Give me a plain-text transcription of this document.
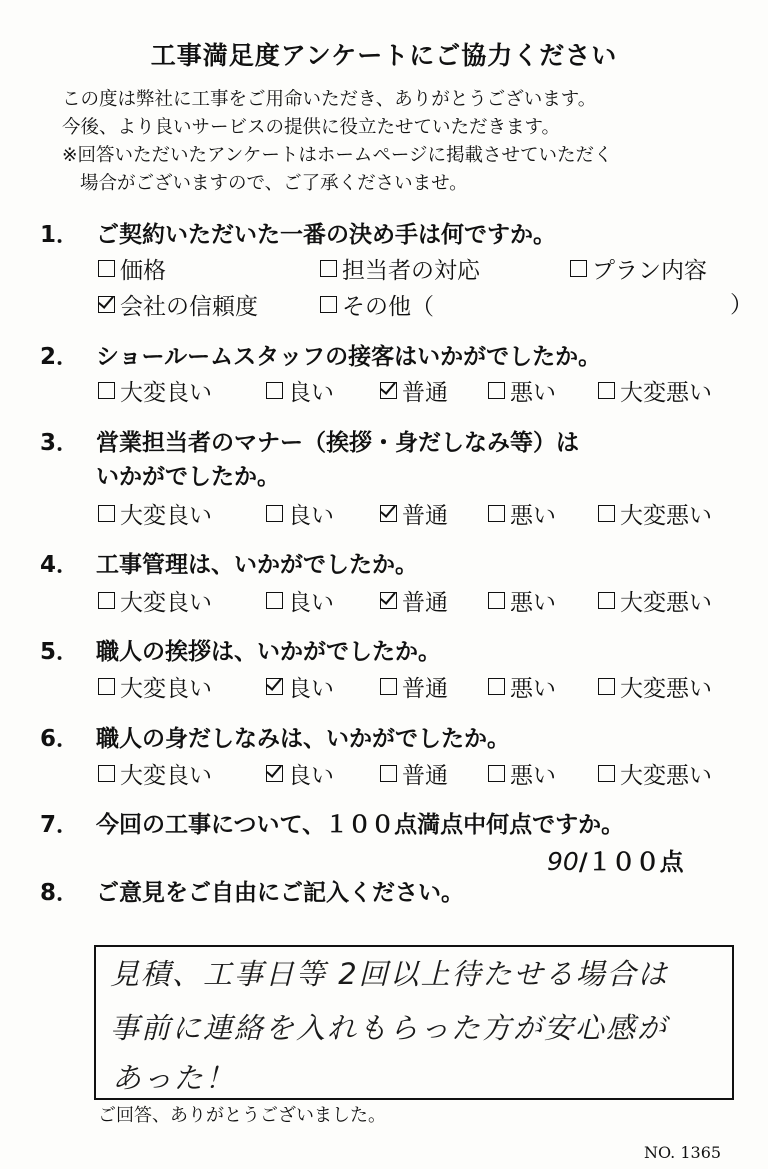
工事満足度アンケートにご協力ください
この度は弊社に工事をご用命いただき、ありがとうございます。
今後、より良いサービスの提供に役立たせていただきます。
※回答いただいたアンケートはホームページに掲載させていただく
場合がございますので、ご了承くださいませ。
1． ご契約いただいた一番の決め手は何ですか。
価格	担当者の対応	プラン内容
会社の信頼度	その他（	）
2． ショールームスタッフの接客はいかがでしたか。
大変良い	良い	普通	悪い	大変悪い
3． 営業担当者のマナー（挨拶・身だしなみ等）は
いかがでしたか。
大変良い	良い	普通	悪い	大変悪い
4． 工事管理は、いかがでしたか。
大変良い	良い	普通	悪い	大変悪い
5． 職人の挨拶は、いかがでしたか。
大変良い	良い	普通	悪い	大変悪い
6． 職人の身だしなみは、いかがでしたか。
大変良い	良い	普通	悪い	大変悪い
7． 今回の工事について、１００点満点中何点ですか。
90/１００点
8． ご意見をご自由にご記入ください。
見積、工事日等 2回以上待たせる場合は
事前に連絡を入れもらった方が安心感が
あった！
ご回答、ありがとうございました。
NO. 1365
